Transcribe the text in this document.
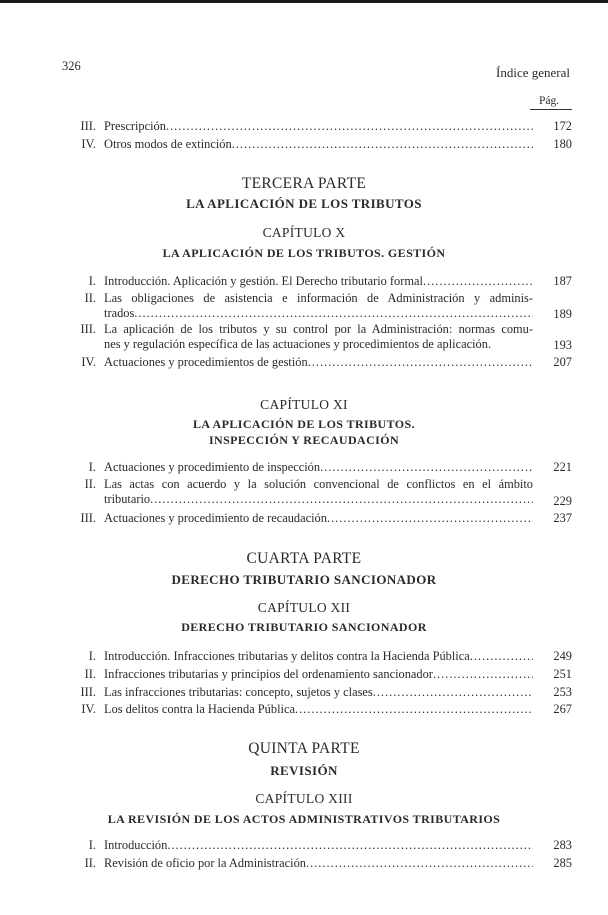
326	Índice general
Pág.
III. Prescripción .....	172
IV. Otros modos de extinción .....	180
TERCERA PARTE
LA APLICACIÓN DE LOS TRIBUTOS
CAPÍTULO X
LA APLICACIÓN DE LOS TRIBUTOS. GESTIÓN
I. Introducción. Aplicación y gestión. El Derecho tributario formal .....	187
II. Las obligaciones de asistencia e información de Administración y adminis-
trados .....	189
III. La aplicación de los tributos y su control por la Administración: normas comu-
nes y regulación específica de las actuaciones y procedimientos de aplicación.	193
IV. Actuaciones y procedimientos de gestión .....	207
CAPÍTULO XI
LA APLICACIÓN DE LOS TRIBUTOS.
INSPECCIÓN Y RECAUDACIÓN
I. Actuaciones y procedimiento de inspección .....	221
II. Las actas con acuerdo y la solución convencional de conflictos en el ámbito
tributario .....	229
III. Actuaciones y procedimiento de recaudación .....	237
CUARTA PARTE
DERECHO TRIBUTARIO SANCIONADOR
CAPÍTULO XII
DERECHO TRIBUTARIO SANCIONADOR
I. Introducción. Infracciones tributarias y delitos contra la Hacienda Pública .....	249
II. Infracciones tributarias y principios del ordenamiento sancionador .....	251
III. Las infracciones tributarias: concepto, sujetos y clases .....	253
IV. Los delitos contra la Hacienda Pública .....	267
QUINTA PARTE
REVISIÓN
CAPÍTULO XIII
LA REVISIÓN DE LOS ACTOS ADMINISTRATIVOS TRIBUTARIOS
I. Introducción .....	283
II. Revisión de oficio por la Administración .....	285
